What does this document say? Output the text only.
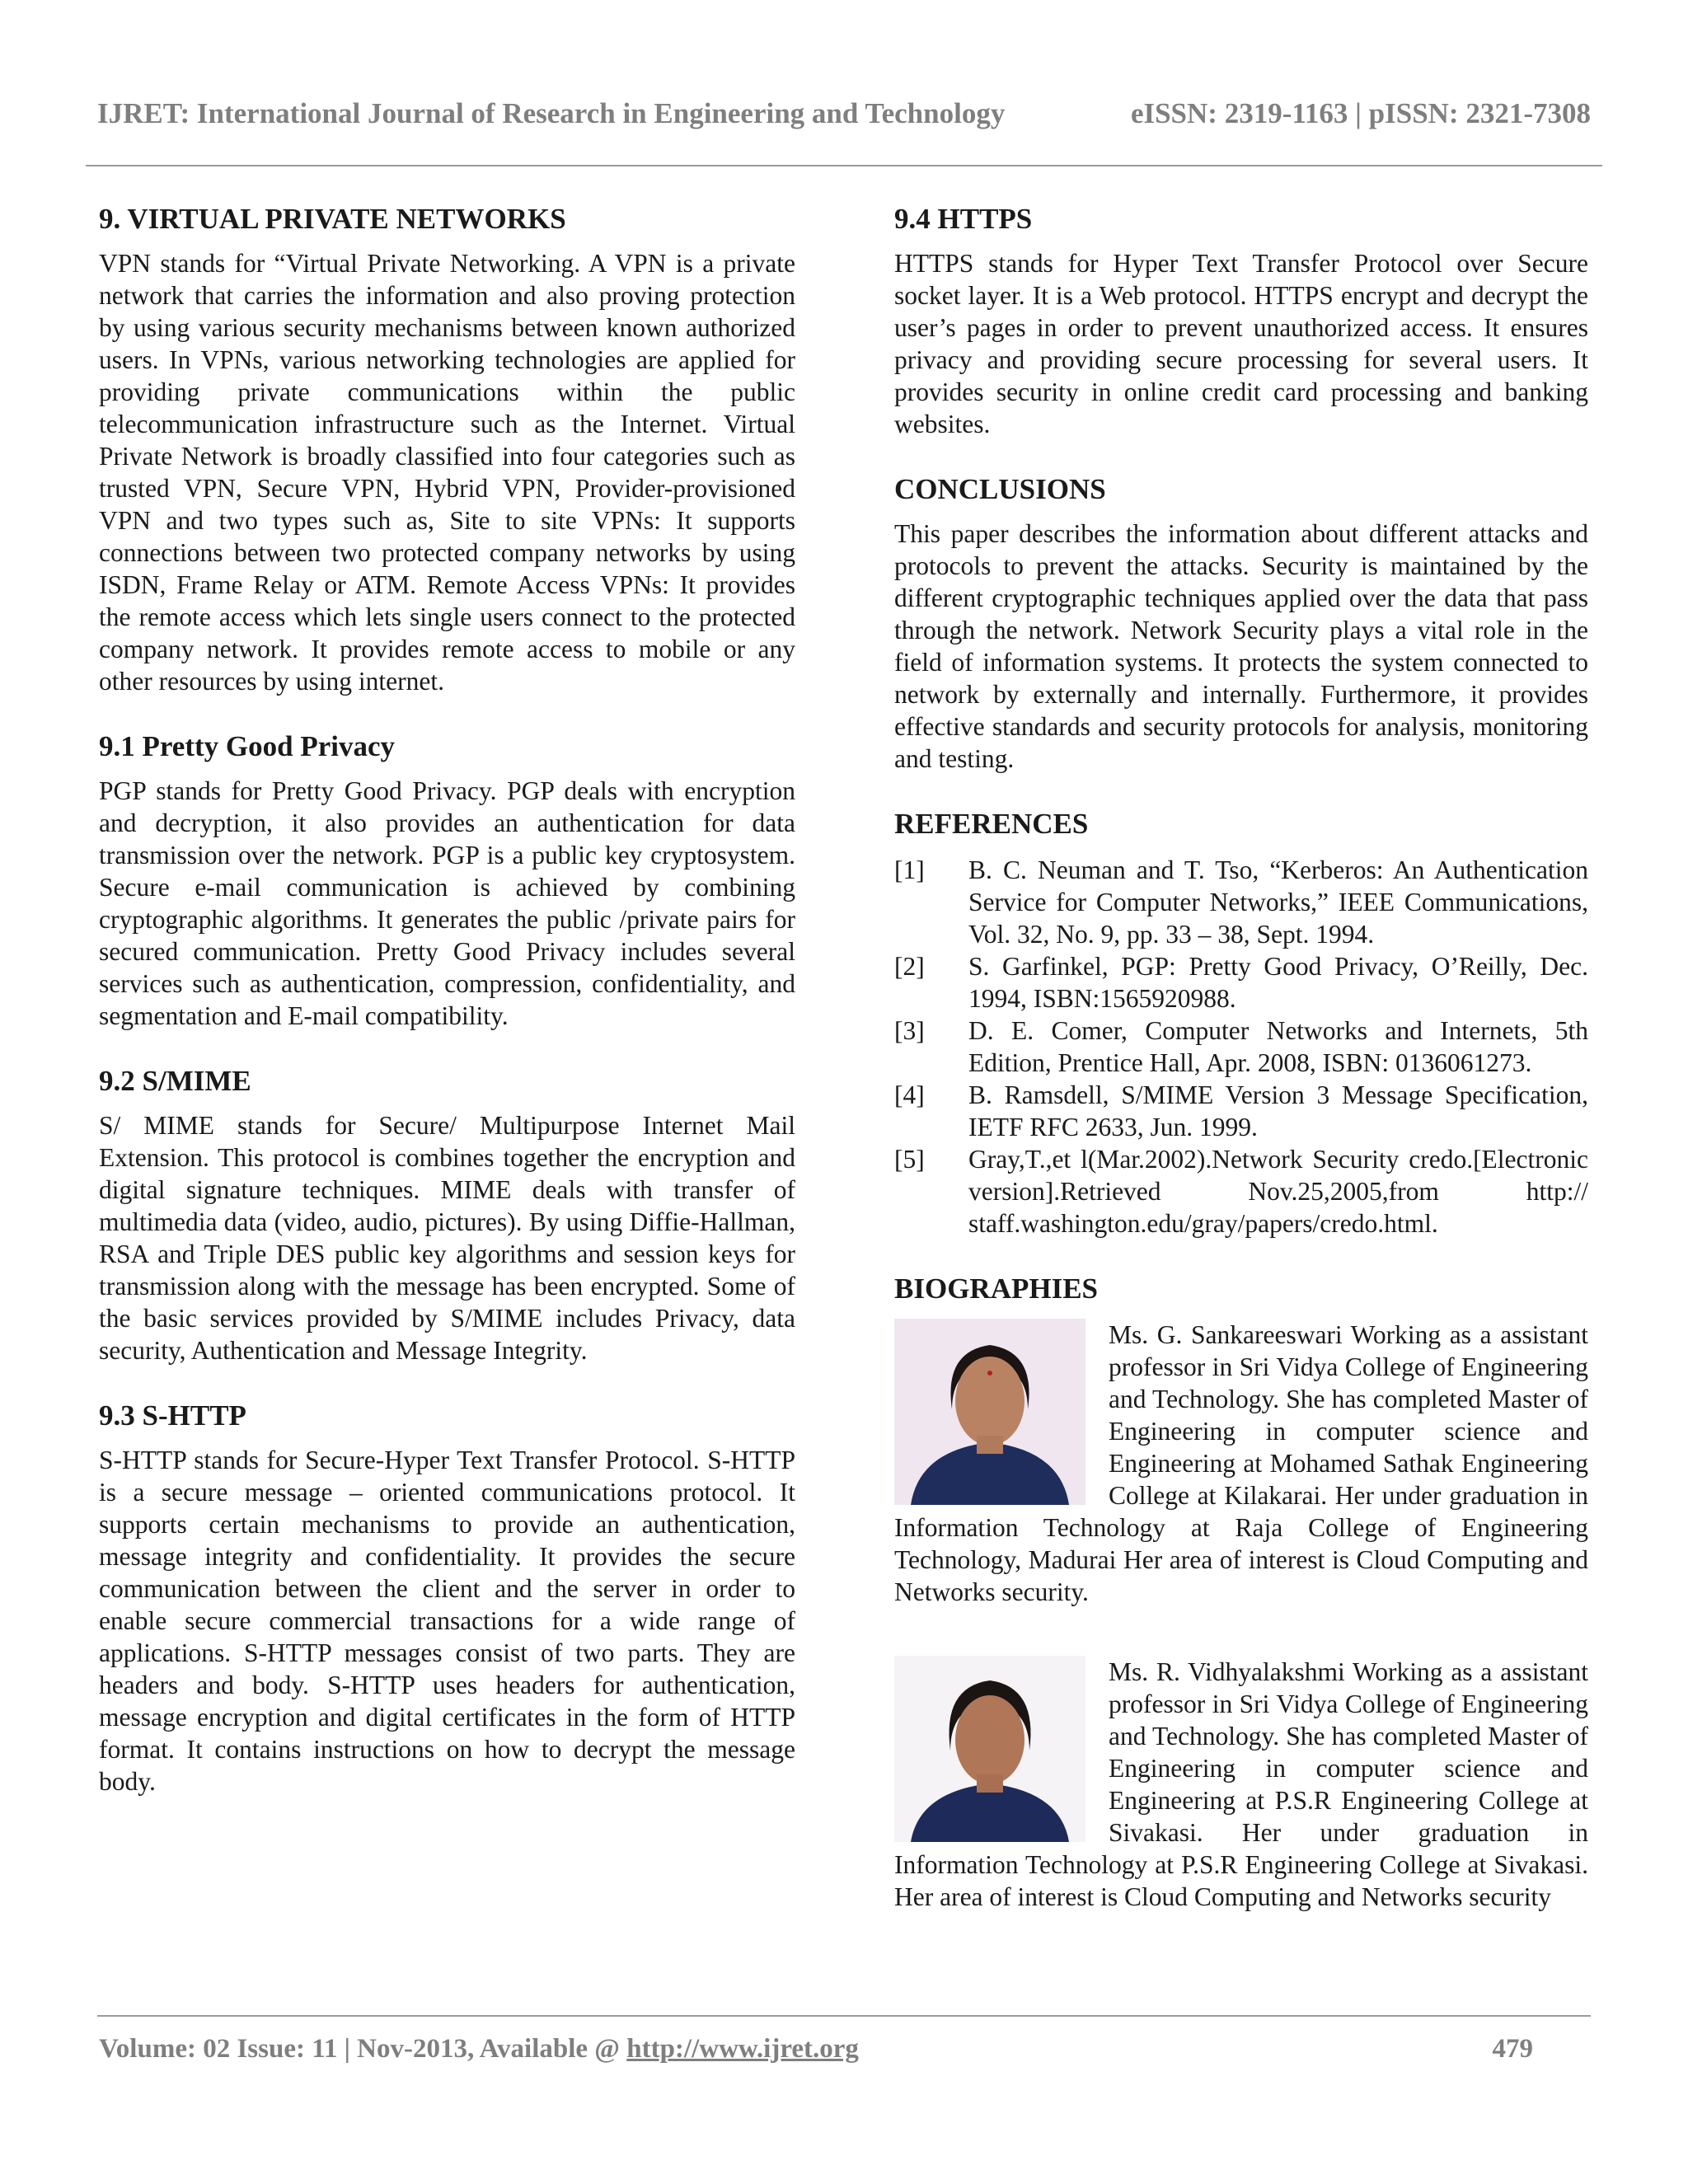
IJRET: International Journal of Research in Engineering and Technology	eISSN: 2319-1163 | pISSN: 2321-7308
9. VIRTUAL PRIVATE NETWORKS

VPN stands for “Virtual Private Networking. A VPN is a private network that carries the information and also proving protection by using various security mechanisms between known authorized users. In VPNs, various networking technologies are applied for providing private communications within the public telecommunication infrastructure such as the Internet. Virtual Private Network is broadly classified into four categories such as trusted VPN, Secure VPN, Hybrid VPN, Provider-provisioned VPN and two types such as, Site to site VPNs: It supports connections between two protected company networks by using ISDN, Frame Relay or ATM. Remote Access VPNs: It provides the remote access which lets single users connect to the protected company network. It provides remote access to mobile or any other resources by using internet.

9.1 Pretty Good Privacy

PGP stands for Pretty Good Privacy. PGP deals with encryption and decryption, it also provides an authentication for data transmission over the network. PGP is a public key cryptosystem. Secure e-mail communication is achieved by combining cryptographic algorithms. It generates the public /private pairs for secured communication. Pretty Good Privacy includes several services such as authentication, compression, confidentiality, and segmentation and E-mail compatibility.

9.2 S/MIME

S/ MIME stands for Secure/ Multipurpose Internet Mail Extension. This protocol is combines together the encryption and digital signature techniques. MIME deals with transfer of multimedia data (video, audio, pictures). By using Diffie-Hallman, RSA and Triple DES public key algorithms and session keys for transmission along with the message has been encrypted. Some of the basic services provided by S/MIME includes Privacy, data security, Authentication and Message Integrity.

9.3 S-HTTP

S-HTTP stands for Secure-Hyper Text Transfer Protocol. S-HTTP is a secure message – oriented communications protocol. It supports certain mechanisms to provide an authentication, message integrity and confidentiality. It provides the secure communication between the client and the server in order to enable secure commercial transactions for a wide range of applications. S-HTTP messages consist of two parts. They are headers and body. S-HTTP uses headers for authentication, message encryption and digital certificates in the form of HTTP format. It contains instructions on how to decrypt the message body.

9.4 HTTPS

HTTPS stands for Hyper Text Transfer Protocol over Secure socket layer. It is a Web protocol. HTTPS encrypt and decrypt the user’s pages in order to prevent unauthorized access. It ensures privacy and providing secure processing for several users. It provides security in online credit card processing and banking websites.

CONCLUSIONS

This paper describes the information about different attacks and protocols to prevent the attacks. Security is maintained by the different cryptographic techniques applied over the data that pass through the network. Network Security plays a vital role in the field of information systems. It protects the system connected to network by externally and internally. Furthermore, it provides effective standards and security protocols for analysis, monitoring and testing.

REFERENCES
[1]	B. C. Neuman and T. Tso, “Kerberos: An Authentication Service for Computer Networks,” IEEE Communications, Vol. 32, No. 9, pp. 33 – 38, Sept. 1994.
[2]	S. Garfinkel, PGP: Pretty Good Privacy, O’Reilly, Dec. 1994, ISBN:1565920988.
[3]	D. E. Comer, Computer Networks and Internets, 5th Edition, Prentice Hall, Apr. 2008, ISBN: 0136061273.
[4]	B. Ramsdell, S/MIME Version 3 Message Specification, IETF RFC 2633, Jun. 1999.
[5]	Gray,T.,et l(Mar.2002).Network Security credo.[Electronic version].Retrieved Nov.25,2005,from http:// staff.washington.edu/gray/papers/credo.html.
BIOGRAPHIES
Ms. G. Sankareeswari Working as a assistant professor in Sri Vidya College of Engineering and Technology. She has completed Master of Engineering in computer science and Engineering at Mohamed Sathak Engineering College at Kilakarai. Her under graduation in Information Technology at Raja College of Engineering Technology, Madurai Her area of interest is Cloud Computing and Networks security.
Ms. R. Vidhyalakshmi Working as a assistant professor in Sri Vidya College of Engineering and Technology. She has completed Master of Engineering in computer science and Engineering at P.S.R Engineering College at Sivakasi. Her under graduation in Information Technology at P.S.R Engineering College at Sivakasi. Her area of interest is Cloud Computing and Networks security
Volume: 02 Issue: 11 | Nov-2013, Available @ http://www.ijret.org	479
